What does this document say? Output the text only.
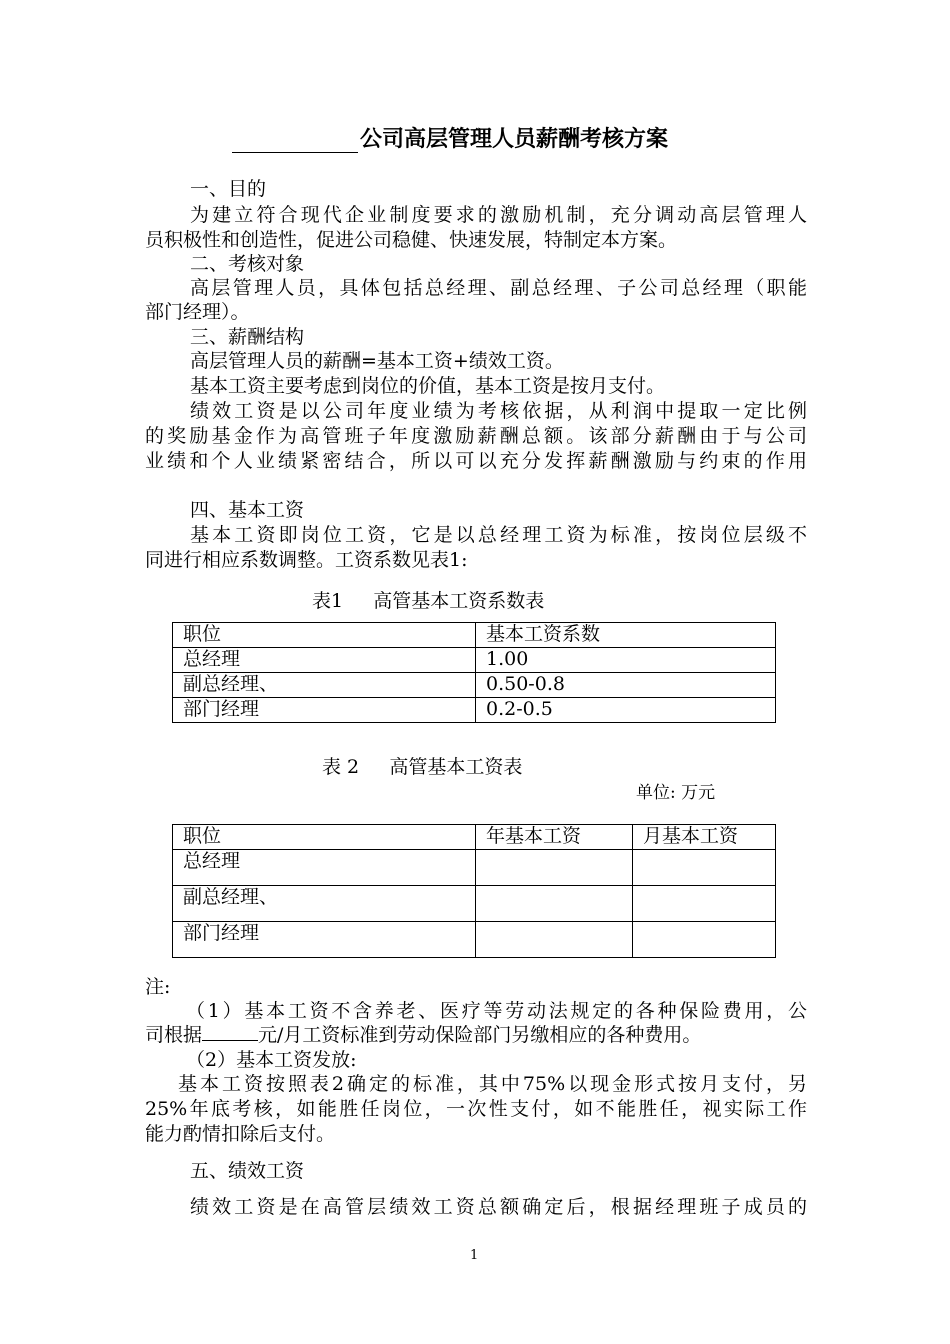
公司高层管理人员薪酬考核方案
一、目的
为建立符合现代企业制度要求的激励机制，充分调动高层管理人
员积极性和创造性，促进公司稳健、快速发展，特制定本方案。
二、考核对象
高层管理人员，具体包括总经理、副总经理、子公司总经理（职能
部门经理）。
三、薪酬结构
高层管理人员的薪酬=基本工资+绩效工资。
基本工资主要考虑到岗位的价值，基本工资是按月支付。
绩效工资是以公司年度业绩为考核依据，从利润中提取一定比例
的奖励基金作为高管班子年度激励薪酬总额。该部分薪酬由于与公司
业绩和个人业绩紧密结合，所以可以充分发挥薪酬激励与约束的作用
四、基本工资
基本工资即岗位工资，它是以总经理工资为标准，按岗位层级不
同进行相应系数调整。工资系数见表1:
表1     高管基本工资系数表
职位	基本工资系数
总经理	1.00
副总经理、	0.50-0.8
部门经理	0.2-0.5
表 2     高管基本工资表
单位: 万元
职位	年基本工资	月基本工资
总经理		
副总经理、		
部门经理		
注:
（1）基本工资不含养老、医疗等劳动法规定的各种保险费用，公
司根据	元/月工资标准到劳动保险部门另缴相应的各种费用。
（2）基本工资发放:
基本工资按照表2确定的标准，其中75%以现金形式按月支付，另
25%年底考核，如能胜任岗位，一次性支付，如不能胜任，视实际工作
能力酌情扣除后支付。
五、绩效工资
绩效工资是在高管层绩效工资总额确定后，根据经理班子成员的
1
